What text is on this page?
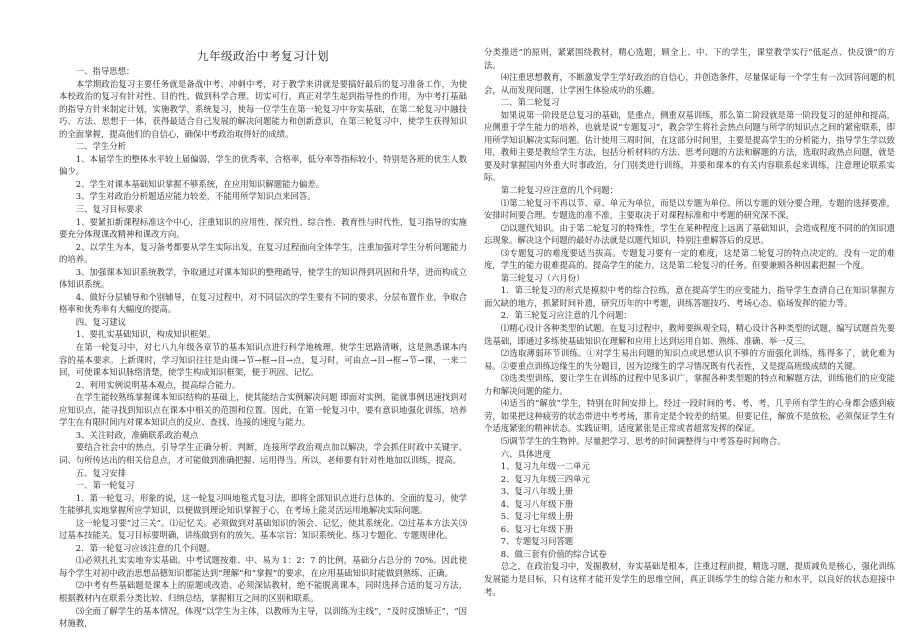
九年级政治中考复习计划

一、指导思想：

本学期政治复习主要任务就是备战中考、冲刺中考，对于教学来讲就是要搞好最后的复习准备工作，为使本校政治的复习有针对性、目的性、做到科学合理、切实可行，真正对学生起到指导性的作用，为中考打基础的指导方针来制定计划，实施教学，系统复习，使每一位学生在第一轮复习中夯实基础，在第二轮复习中融技巧、方法、思想于一体，获得最适合自己发展的解决问题能力和创新意识，在第三轮复习中，使学生获得知识的全面掌握，提高他们的自信心，确保中考政治取得好的成绩。

二、学生分析

1、本届学生的整体水平较上届偏弱，学生的优秀率，合格率，低分率等指标较小，特别是各班的优生人数偏少。

2、学生对课本基础知识掌握不够系统，在应用知识解题能力偏差。

3、学生对政治分析题适应能力较差，不能用所学知识点来回答。

三、复习目标要求

1、要紧扣新课程标准这个中心，注重知识的应用性、探究性、综合性、教育性与时代性，复习指导的实施要充分体现课改精神和课改方向。

2、以学生为本，复习备考都要从学生实际出发，在复习过程面向全体学生，注重加强对学生分析问题能力的培养。

3、加强课本知识系统教学，争取通过对课本知识的整理疏导，使学生的知识得到巩固和升华，进而构成立体知识系统。

4、做好分层辅导和个别辅导，在复习过程中，对不同层次的学生要有不同的要求，分层布置作业，争取合格率和优秀率有大幅度的提高。

四、复习建议

1、要扎实基础知识，构成知识框架。

在第一轮复习中，对七八九年级各章节的基本知识点进行科学地梳理，使学生思路清晰，这是熟悉课本内容的基本要求。上新课时，学习知识往往是由课→节→框→目→点，复习时，可由点→目→框→节→课，一来二回，可使课本知识脉络清楚，使学生构成知识框架，便于巩固、记忆。

2、利用实例说明基本观点，提高综合能力。

在学生能较熟练掌握课本知识结构的基础上，使其能结合实例解决问题 即面对实例，能就事例迅速找到对应知识点，能寻找到知识点在课本中相关的范围和位置。因此，在第一轮复习中，要有意识地强化训练，培养学生在有限时间内对课本知识点的反应、查找、连接的速度与能力。

3、关注时政，准确联系政治观点

要结合社会中的热点，引导学生正确分析、判断，连接所学政治观点加以解决，学会抓住时政中关键字、词、句所传达出的相关信息点，才可能做到准确把握、运用得当。所以，老师要有针对性地加以训练，提高。

五、复习安排

一、第一轮复习

1．第一轮复习，形象的说，这一轮复习叫地毯式复习法，即将全部知识点进行总体的、全面的复习，使学生能够扎实地掌握所应学知识，以便做到理论知识掌握于心，在考场上能灵活运用地解决实际问题。

这一轮复习要“过三关”。⑴记忆关。必须做到对基础知识的领会、记忆，使其系统化。⑵过基本方法关⑶过基本技能关。复习目标要明确，讲练做到有的放矢。基本宗旨：知识系统化、练习专题化、专题规律化。

2．第一轮复习应该注意的几个问题。

⑴必须扎扎实实地夯实基础。中考试题按难、中、易为 1：2：7 的比例，基础分占总分的 70%。因此使每个学生对初中政治思想品德知识都能达到“理解”和“掌握”的要求，在应用基础知识时能做到熟练、正确。

⑵中考有些基础题是课本上的原题或改造、必须深钻教材，绝不能脱离课本，同时选择合适的复习方法，根据教材内在联系分类比较、归纳总结，掌握相互之间的区别和联系。

⑶全面了解学生的基本情况，体现“以学生为主体，以教师为主导，以训练为主线”，“及时反馈矫正”，“因材施教，

分类推进”的原则，紧紧围绕教材，精心选题，顾全上、中、下的学生，课堂教学实行“低起点、快反馈”的方法。

⑷注重思想教育，不断激发学生学好政治的自信心，并创造条件，尽量保证每一个学生有一次回答问题的机会，从而发现问题，让学困生体验成功的乐趣。

二、第二轮复习

如果说第一阶段是总复习的基础，是重点，侧重双基训练，那么第二阶段就是第一阶段复习的延伸和提高，应侧重于学生能力的培养，也就是说“专题复习”，教会学生将社会热点问题与所学的知识点之间的紧密联系，即用所学知识解决实际问题。估计使用三周时间，在这部分时间里，主要是提高学生的分析能力，指导学生学以致用，教师主要是教给学生方法，包括分析材料的方法、思考问题的方法和解题的方法，选取时政热点问题，就是要及时掌握国内外重大时事政治，分门别类进行训练，并要和课本的有关内容联系起来训练，注意理论联系实际。

第二轮复习应注意的几个问题：

⑴第二轮复习不再以节、章、单元为单位，而是以专题为单位。所以专题的划分要合理，专题的选择要准，安排时间要合理。专题选的准不准，主要取决于对课程标准和中考题的研究深不深。

⑵以题代知识。由于第二轮复习的特殊性，学生在某种程度上远离了基础知识，会造成程度不同的的知识遗忘现象。解决这个问题的最好办法就是以题代知识，特别注重解答后的反思。

⑶专题复习的难度要适当拔高。专题复习要有一定的难度，这是第二轮复习的特点决定的。没有一定的难度，学生的能力很难提高的。提高学生的能力，这是第二轮复习的任务。但要兼顾各种因素把握一个度。

第三轮复习（六月份）

1．第三轮复习的形式是模拟中考的综合拉练，意在提高学生的应变能力，指导学生查清自己在知识掌握方面欠缺的地方，抓紧时间补遗，研究历年的中考题，训练答题技巧、考场心态、临场发挥的能力等。

2．第三轮复习应注意的几个问题：

⑴精心设计各种类型的试题。在复习过程中，教师要纵观全局，精心设计各种类型的试题，编写试题首先要选基础，即通过多练使基础知识在理解和应用上达到运用自如、熟练、准确、举一反三。

⑵选取薄弱环节训练。①对学生易出问题的知识点或思想认识不够的方面强化训练，练得多了，就化难为易。②要重点训练边缘生的失分题目，因为边缘生的学习情况既有代表性，又是提高班级成绩的关键。

⑶选类型训练，要让学生在训练的过程中见多识广，掌握各种类型题的特点和解题方法，训练他们的应变能力和解决问题的能力。

⑷适当的“解放”学生，特别在时间安排上。经过一段时间的考、考、考，几乎所有学生的心身都会感到疲劳，如果把这种疲劳的状态带进中考考场，那肯定是个较差的结果。但要记住，解放不是放松，必须保证学生有个适度紧张的精神状态。实践证明，适度紧张是正常或者超常发挥的保证。

⑸调节学生的生物钟。尽量把学习、思考的时间调整得与中考答卷时间吻合。

六、具体进度

1、复习九年级一二单元

2、复习九年级三四单元

3、复习八年级上册

4、复习八年级下册

5、复习七年级上册

6、复习七年级下册

7、专题复习问答题

8、做三套有价值的综合试卷

总之，在政治复习中，发掘教材，夯实基础是根本，注重过程前提，精选习题，提质减负是核心，强化训练发展能力是目标，只有这样才能开发学生的思维空间，真正训练学生的综合能力和水平，以良好的状态迎接中考。
